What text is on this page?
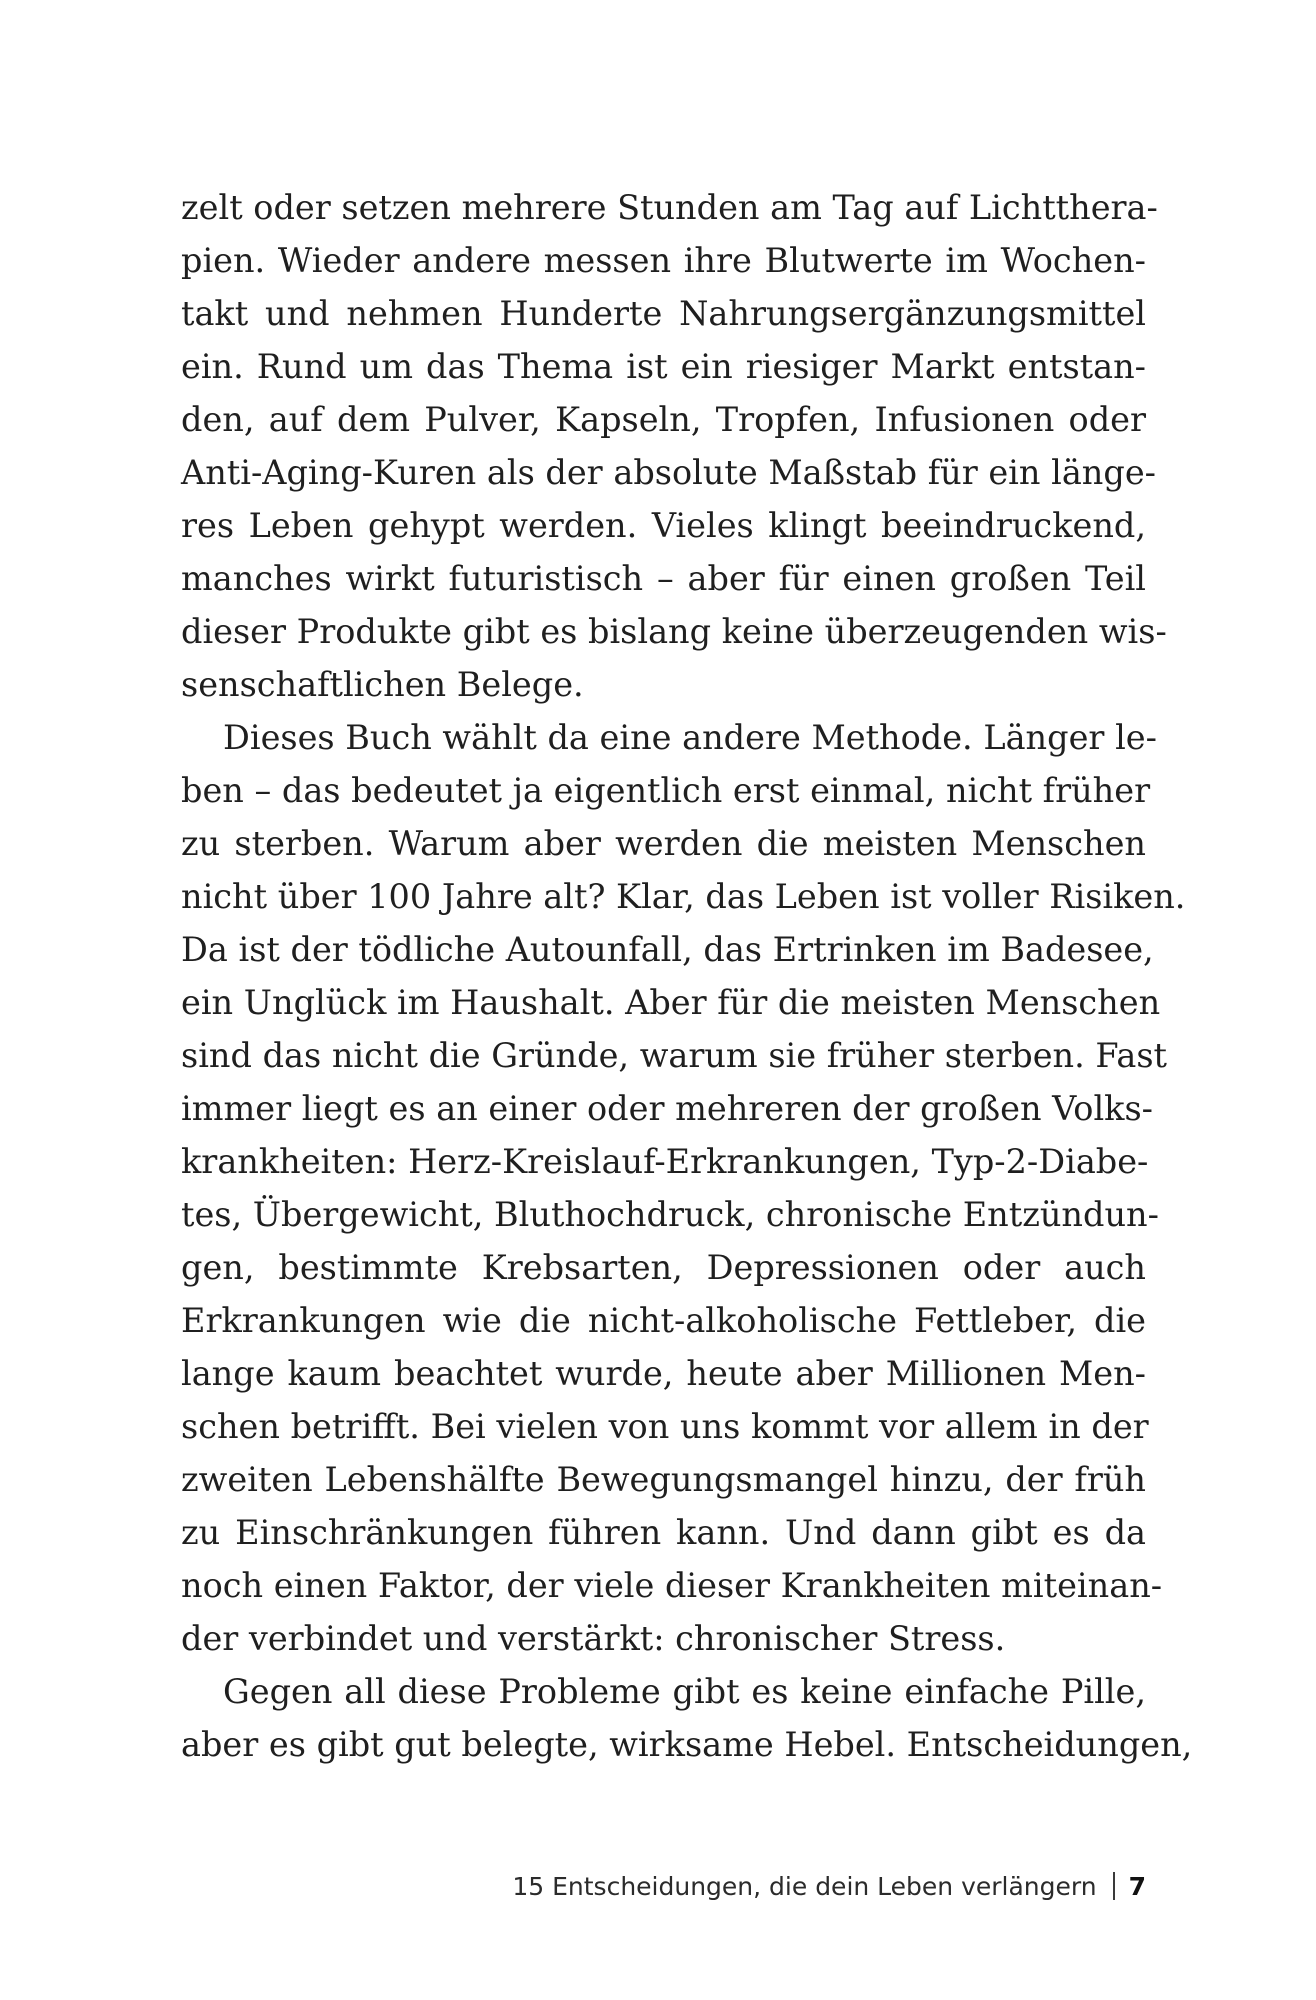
zelt oder setzen mehrere Stunden am Tag auf Lichtthera-
pien. Wieder andere messen ihre Blutwerte im Wochen-
takt und nehmen Hunderte Nahrungsergänzungsmittel
ein. Rund um das Thema ist ein riesiger Markt entstan-
den, auf dem Pulver, Kapseln, Tropfen, Infusionen oder
Anti-Aging-Kuren als der absolute Maßstab für ein länge-
res Leben gehypt werden. Vieles klingt beeindruckend,
manches wirkt futuristisch – aber für einen großen Teil
dieser Produkte gibt es bislang keine überzeugenden wis-
senschaftlichen Belege.
Dieses Buch wählt da eine andere Methode. Länger le-
ben – das bedeutet ja eigentlich erst einmal, nicht früher
zu sterben. Warum aber werden die meisten Menschen
nicht über 100 Jahre alt? Klar, das Leben ist voller Risiken.
Da ist der tödliche Autounfall, das Ertrinken im Badesee,
ein Unglück im Haushalt. Aber für die meisten Menschen
sind das nicht die Gründe, warum sie früher sterben. Fast
immer liegt es an einer oder mehreren der großen Volks-
krankheiten: Herz-Kreislauf-Erkrankungen, Typ-2-Diabe-
tes, Übergewicht, Bluthochdruck, chronische Entzündun-
gen, bestimmte Krebsarten, Depressionen oder auch
Erkrankungen wie die nicht-alkoholische Fettleber, die
lange kaum beachtet wurde, heute aber Millionen Men-
schen betrifft. Bei vielen von uns kommt vor allem in der
zweiten Lebenshälfte Bewegungsmangel hinzu, der früh
zu Einschränkungen führen kann. Und dann gibt es da
noch einen Faktor, der viele dieser Krankheiten miteinan-
der verbindet und verstärkt: chronischer Stress.
Gegen all diese Probleme gibt es keine einfache Pille,
aber es gibt gut belegte, wirksame Hebel. Entscheidungen,
15 Entscheidungen, die dein Leben verlängern 7
